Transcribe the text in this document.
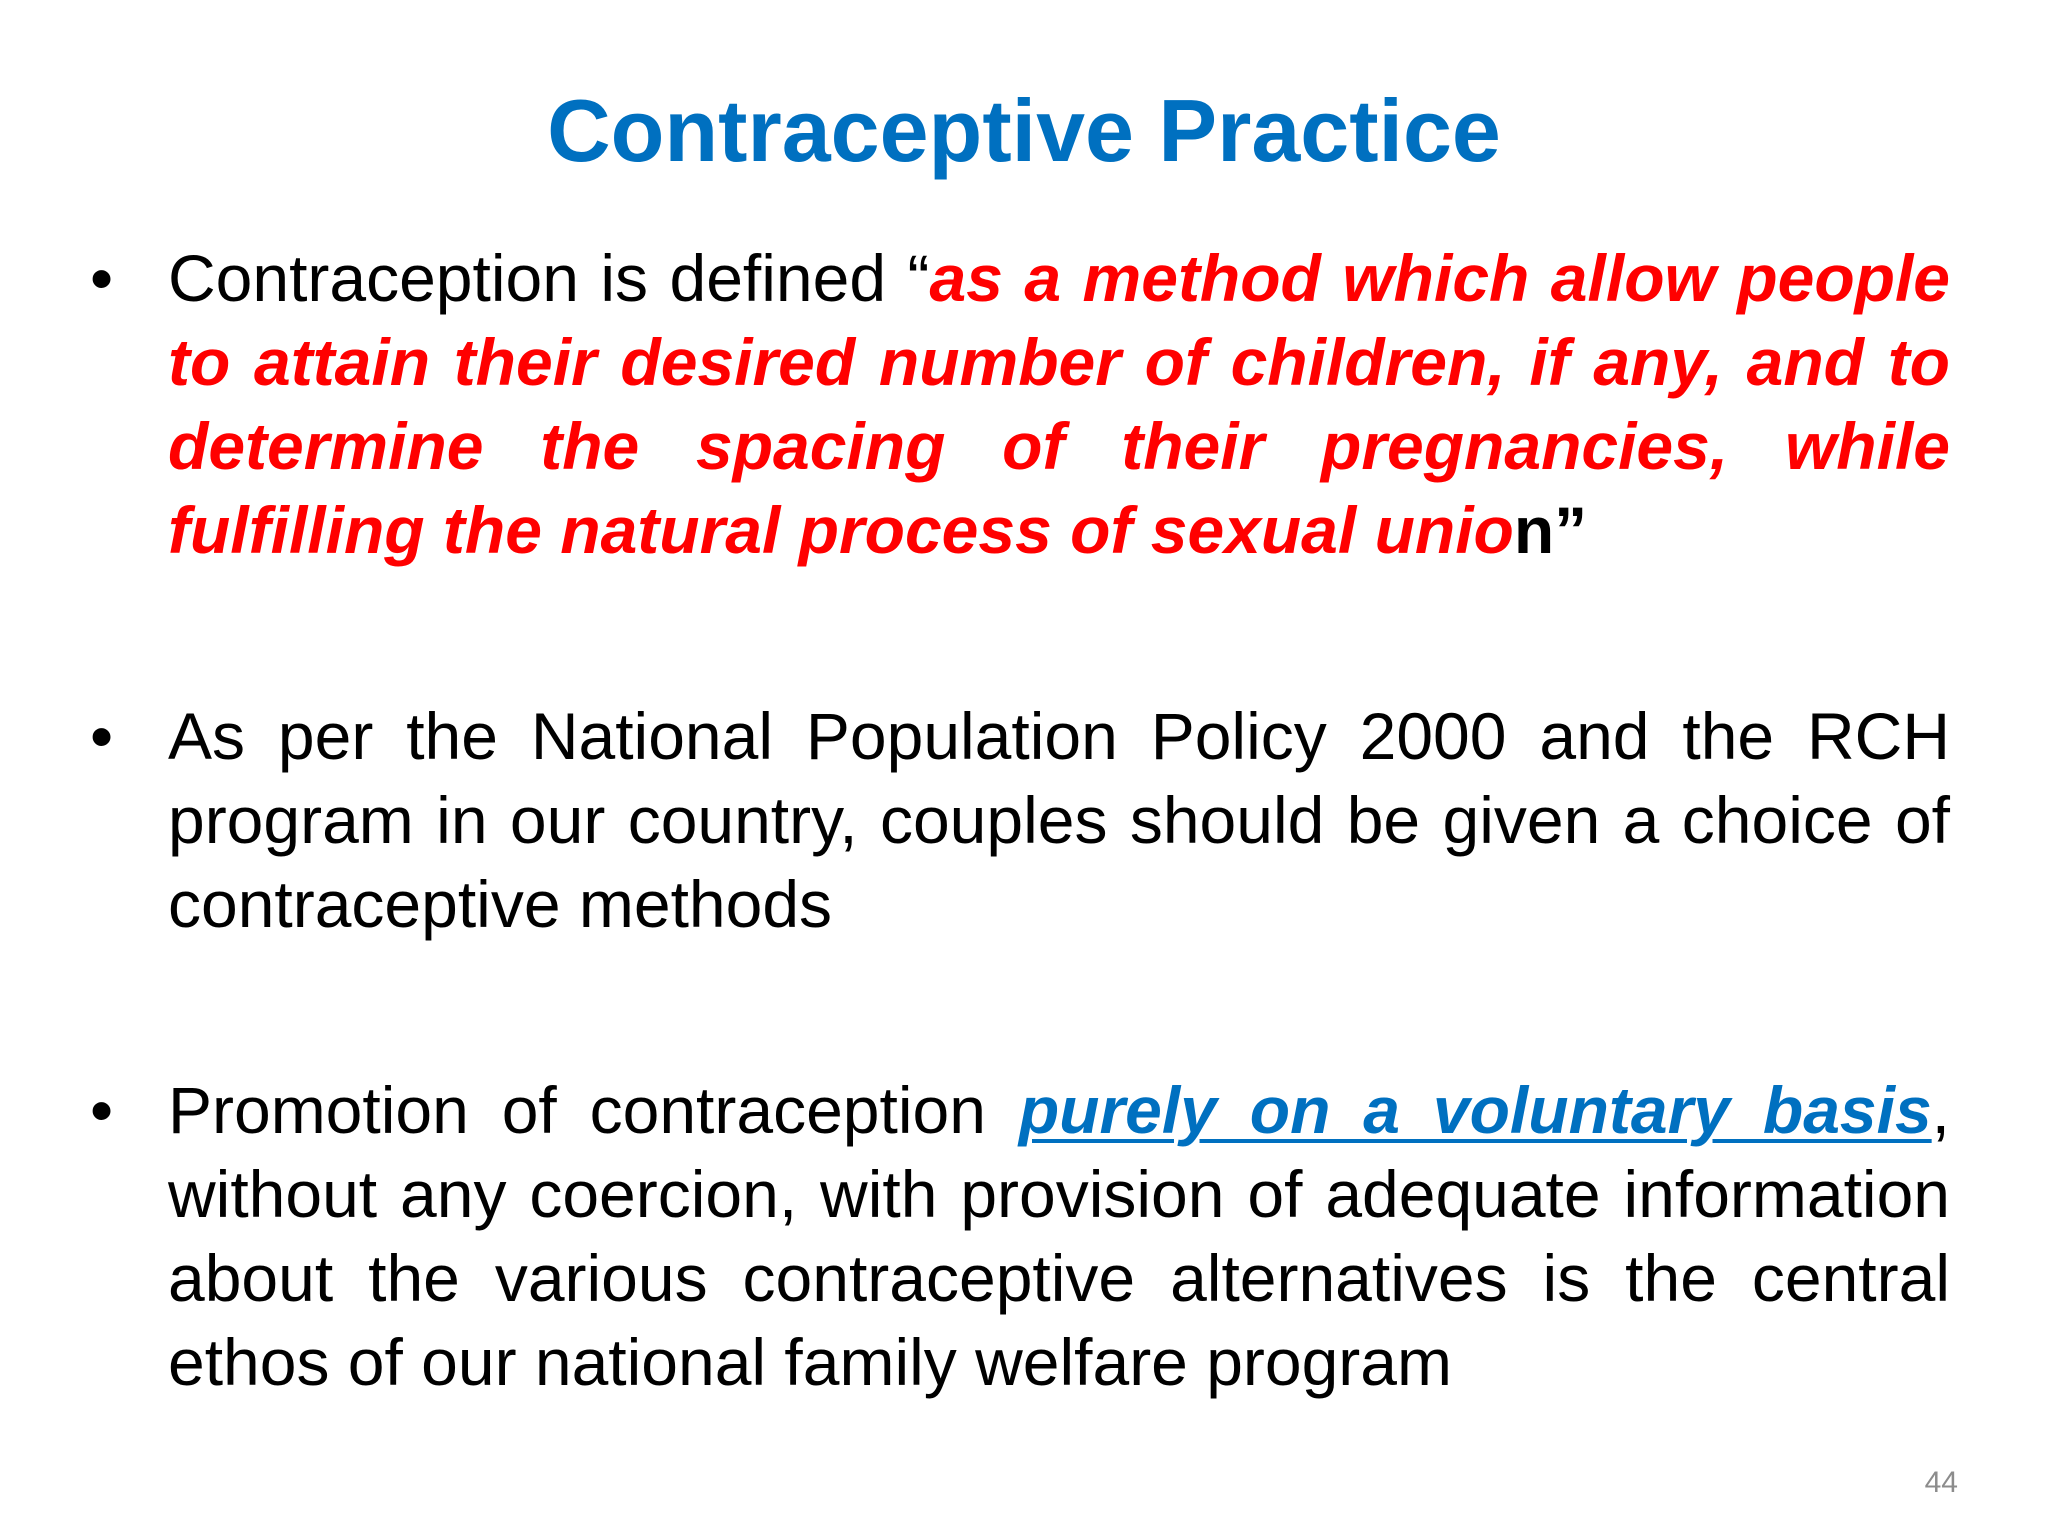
Contraceptive Practice
• Contraception is defined “as a method which allow people to attain their desired number of children, if any, and to determine the spacing of their pregnancies, while fulfilling the natural process of sexual union”
• As per the National Population Policy 2000 and the RCH program in our country, couples should be given a choice of contraceptive methods
• Promotion of contraception purely on a voluntary basis, without any coercion, with provision of adequate information about the various contraceptive alternatives is the central ethos of our national family welfare program
44
